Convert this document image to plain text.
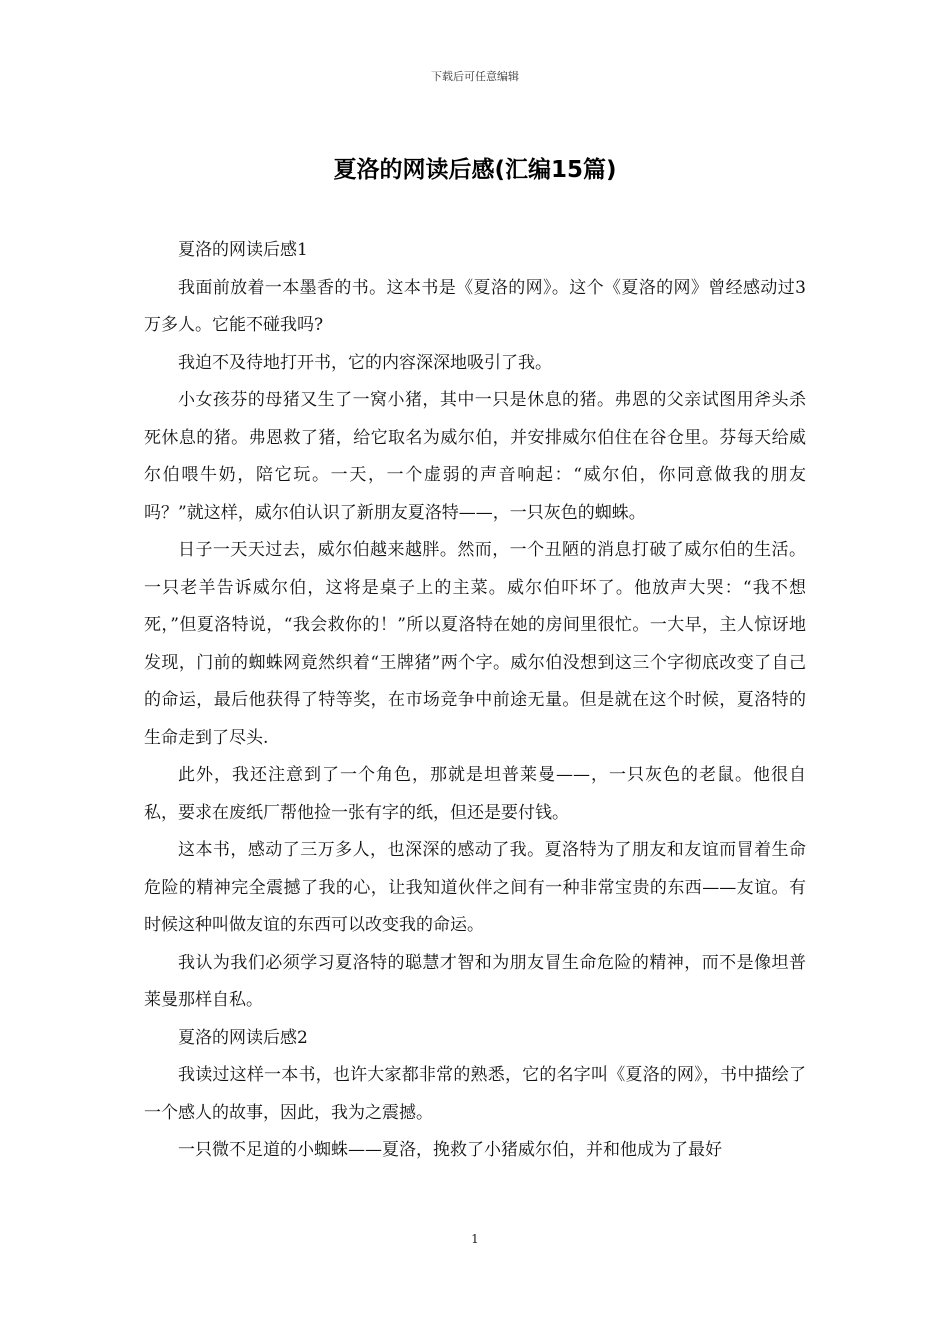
下载后可任意编辑
夏洛的网读后感(汇编15篇)

夏洛的网读后感1

我面前放着一本墨香的书。这本书是《夏洛的网》。这个《夏洛的网》曾经感动过3万多人。它能不碰我吗?

我迫不及待地打开书，它的内容深深地吸引了我。

小女孩芬的母猪又生了一窝小猪，其中一只是休息的猪。弗恩的父亲试图用斧头杀死休息的猪。弗恩救了猪，给它取名为威尔伯，并安排威尔伯住在谷仓里。芬每天给威尔伯喂牛奶，陪它玩。一天，一个虚弱的声音响起：“威尔伯，你同意做我的朋友吗？”就这样，威尔伯认识了新朋友夏洛特——，一只灰色的蜘蛛。

日子一天天过去，威尔伯越来越胖。然而，一个丑陋的消息打破了威尔伯的生活。一只老羊告诉威尔伯，这将是桌子上的主菜。威尔伯吓坏了。他放声大哭：“我不想死，”但夏洛特说，“我会救你的！”所以夏洛特在她的房间里很忙。一大早，主人惊讶地发现，门前的蜘蛛网竟然织着“王牌猪”两个字。威尔伯没想到这三个字彻底改变了自己的命运，最后他获得了特等奖，在市场竞争中前途无量。但是就在这个时候，夏洛特的生命走到了尽头.

此外，我还注意到了一个角色，那就是坦普莱曼——，一只灰色的老鼠。他很自私，要求在废纸厂帮他捡一张有字的纸，但还是要付钱。

这本书，感动了三万多人，也深深的感动了我。夏洛特为了朋友和友谊而冒着生命危险的精神完全震撼了我的心，让我知道伙伴之间有一种非常宝贵的东西——友谊。有时候这种叫做友谊的东西可以改变我的命运。

我认为我们必须学习夏洛特的聪慧才智和为朋友冒生命危险的精神，而不是像坦普莱曼那样自私。

夏洛的网读后感2

我读过这样一本书，也许大家都非常的熟悉，它的名字叫《夏洛的网》，书中描绘了一个感人的故事，因此，我为之震撼。

一只微不足道的小蜘蛛——夏洛，挽救了小猪威尔伯，并和他成为了最好

1
